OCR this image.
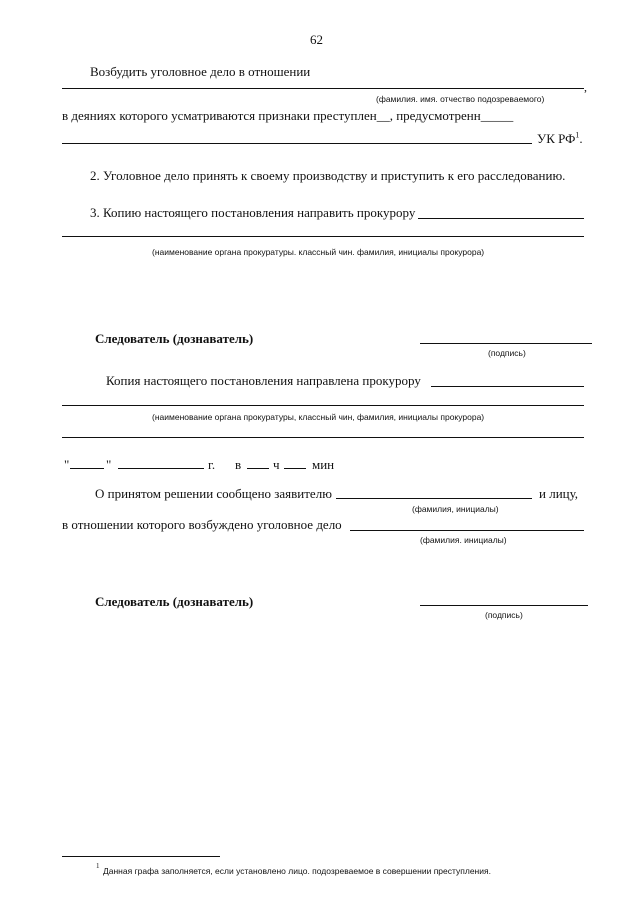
62
Возбудить уголовное дело в отношении
,
(фамилия. имя. отчество подозреваемого)
в деяниях которого усматриваются признаки преступлен__, предусмотренн_____
УК $РФ^1$.
2. Уголовное дело принять к своему производству и приступить к его расследованию.
3. Копию настоящего постановления направить прокурору
(наименование органа прокуратуры. классный чин. фамилия, инициалы прокурора)
Следователь (дознаватель)
(подпись)
Копия настоящего постановления направлена прокурору
(наименование органа прокуратуры, классный чин, фамилия, инициалы прокурора)
"	"	г. в ч мин
О принятом решении сообщено заявителю	и лицу,
(фамилия, инициалы)
в отношении которого возбуждено уголовное дело
(фамилия. инициалы)
Следователь (дознаватель)
(подпись)
1 Данная графа заполняется, если установлено лицо. подозреваемое в совершении преступления.
